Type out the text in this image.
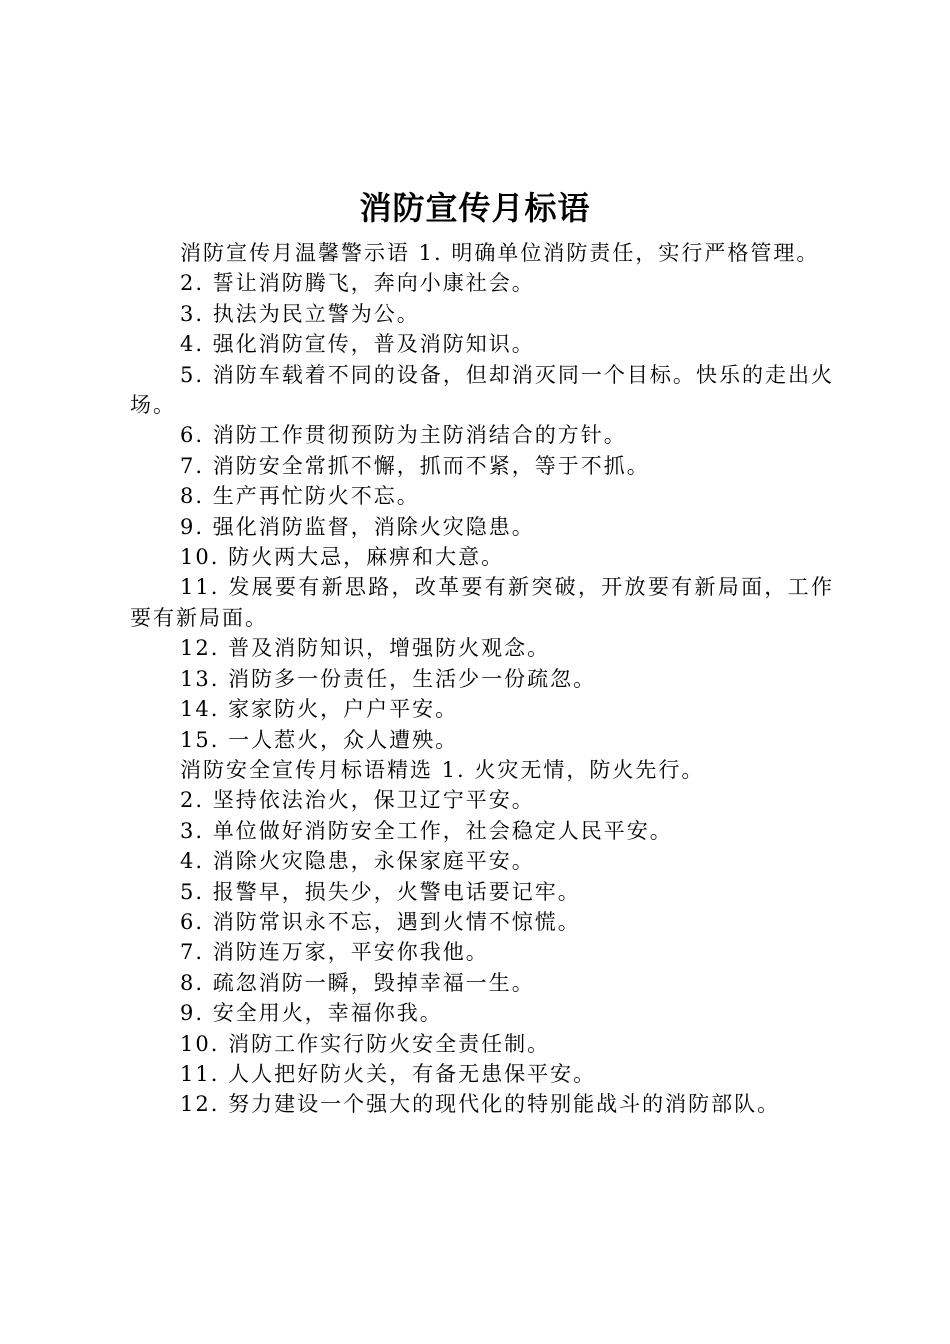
消防宣传月标语

消防宣传月温馨警示语 1. 明确单位消防责任，实行严格管理。

2. 誓让消防腾飞，奔向小康社会。

3. 执法为民立警为公。

4. 强化消防宣传，普及消防知识。

5. 消防车载着不同的设备，但却消灭同一个目标。快乐的走出火场。

6. 消防工作贯彻预防为主防消结合的方针。

7. 消防安全常抓不懈，抓而不紧，等于不抓。

8. 生产再忙防火不忘。

9. 强化消防监督，消除火灾隐患。

10. 防火两大忌，麻痹和大意。

11. 发展要有新思路，改革要有新突破，开放要有新局面，工作要有新局面。

12. 普及消防知识，增强防火观念。

13. 消防多一份责任，生活少一份疏忽。

14. 家家防火，户户平安。

15. 一人惹火，众人遭殃。

消防安全宣传月标语精选 1. 火灾无情，防火先行。

2. 坚持依法治火，保卫辽宁平安。

3. 单位做好消防安全工作，社会稳定人民平安。

4. 消除火灾隐患，永保家庭平安。

5. 报警早，损失少，火警电话要记牢。

6. 消防常识永不忘，遇到火情不惊慌。

7. 消防连万家，平安你我他。

8. 疏忽消防一瞬，毁掉幸福一生。

9. 安全用火，幸福你我。

10. 消防工作实行防火安全责任制。

11. 人人把好防火关，有备无患保平安。

12. 努力建设一个强大的现代化的特别能战斗的消防部队。
